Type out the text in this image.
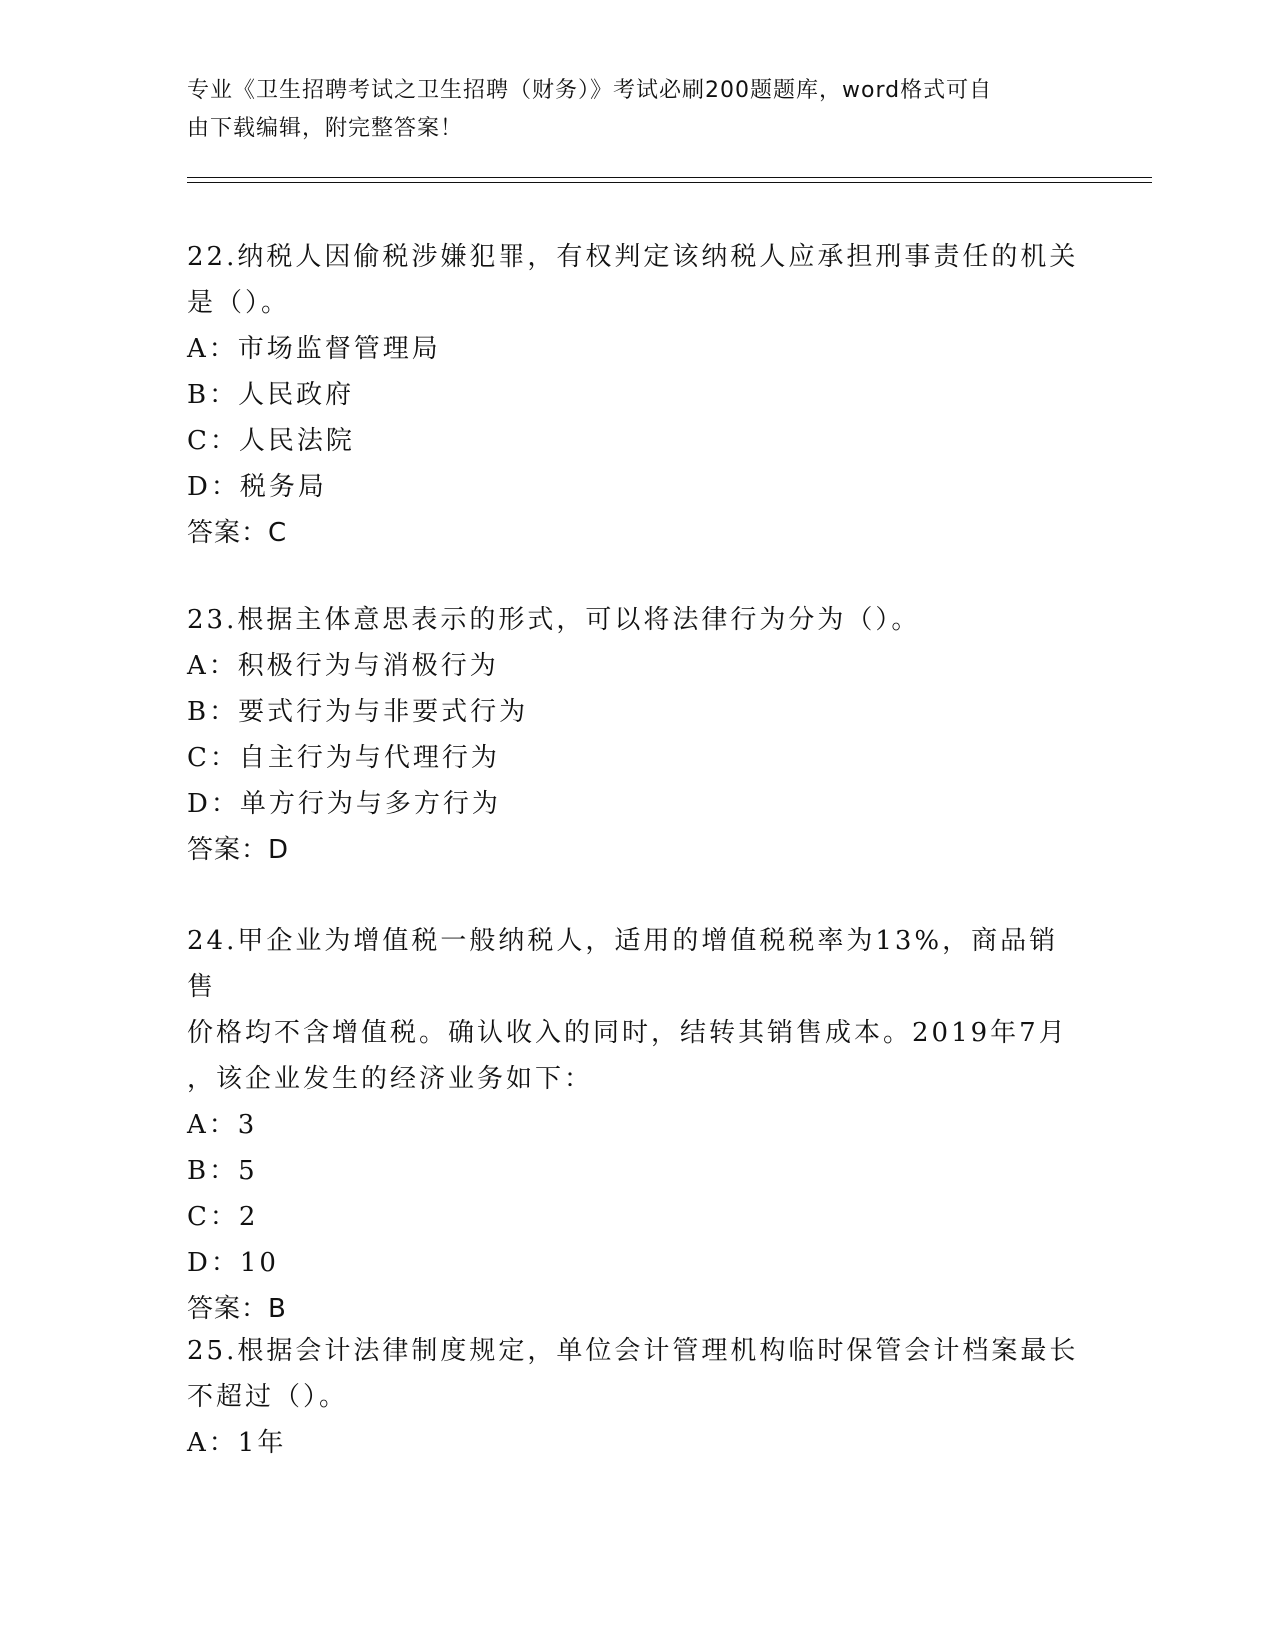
专业《卫生招聘考试之卫生招聘（财务）》考试必刷200题题库，word格式可自
由下载编辑，附完整答案！
22.纳税人因偷税涉嫌犯罪，有权判定该纳税人应承担刑事责任的机关
是（）。
A：市场监督管理局
B：人民政府
C：人民法院
D：税务局
答案：C
23.根据主体意思表示的形式，可以将法律行为分为（）。
A：积极行为与消极行为
B：要式行为与非要式行为
C：自主行为与代理行为
D：单方行为与多方行为
答案：D
24.甲企业为增值税一般纳税人，适用的增值税税率为13%，商品销售
价格均不含增值税。确认收入的同时，结转其销售成本。2019年7月
，该企业发生的经济业务如下：
A：3
B：5
C：2
D：10
答案：B
25.根据会计法律制度规定，单位会计管理机构临时保管会计档案最长
不超过（）。
A：1年
